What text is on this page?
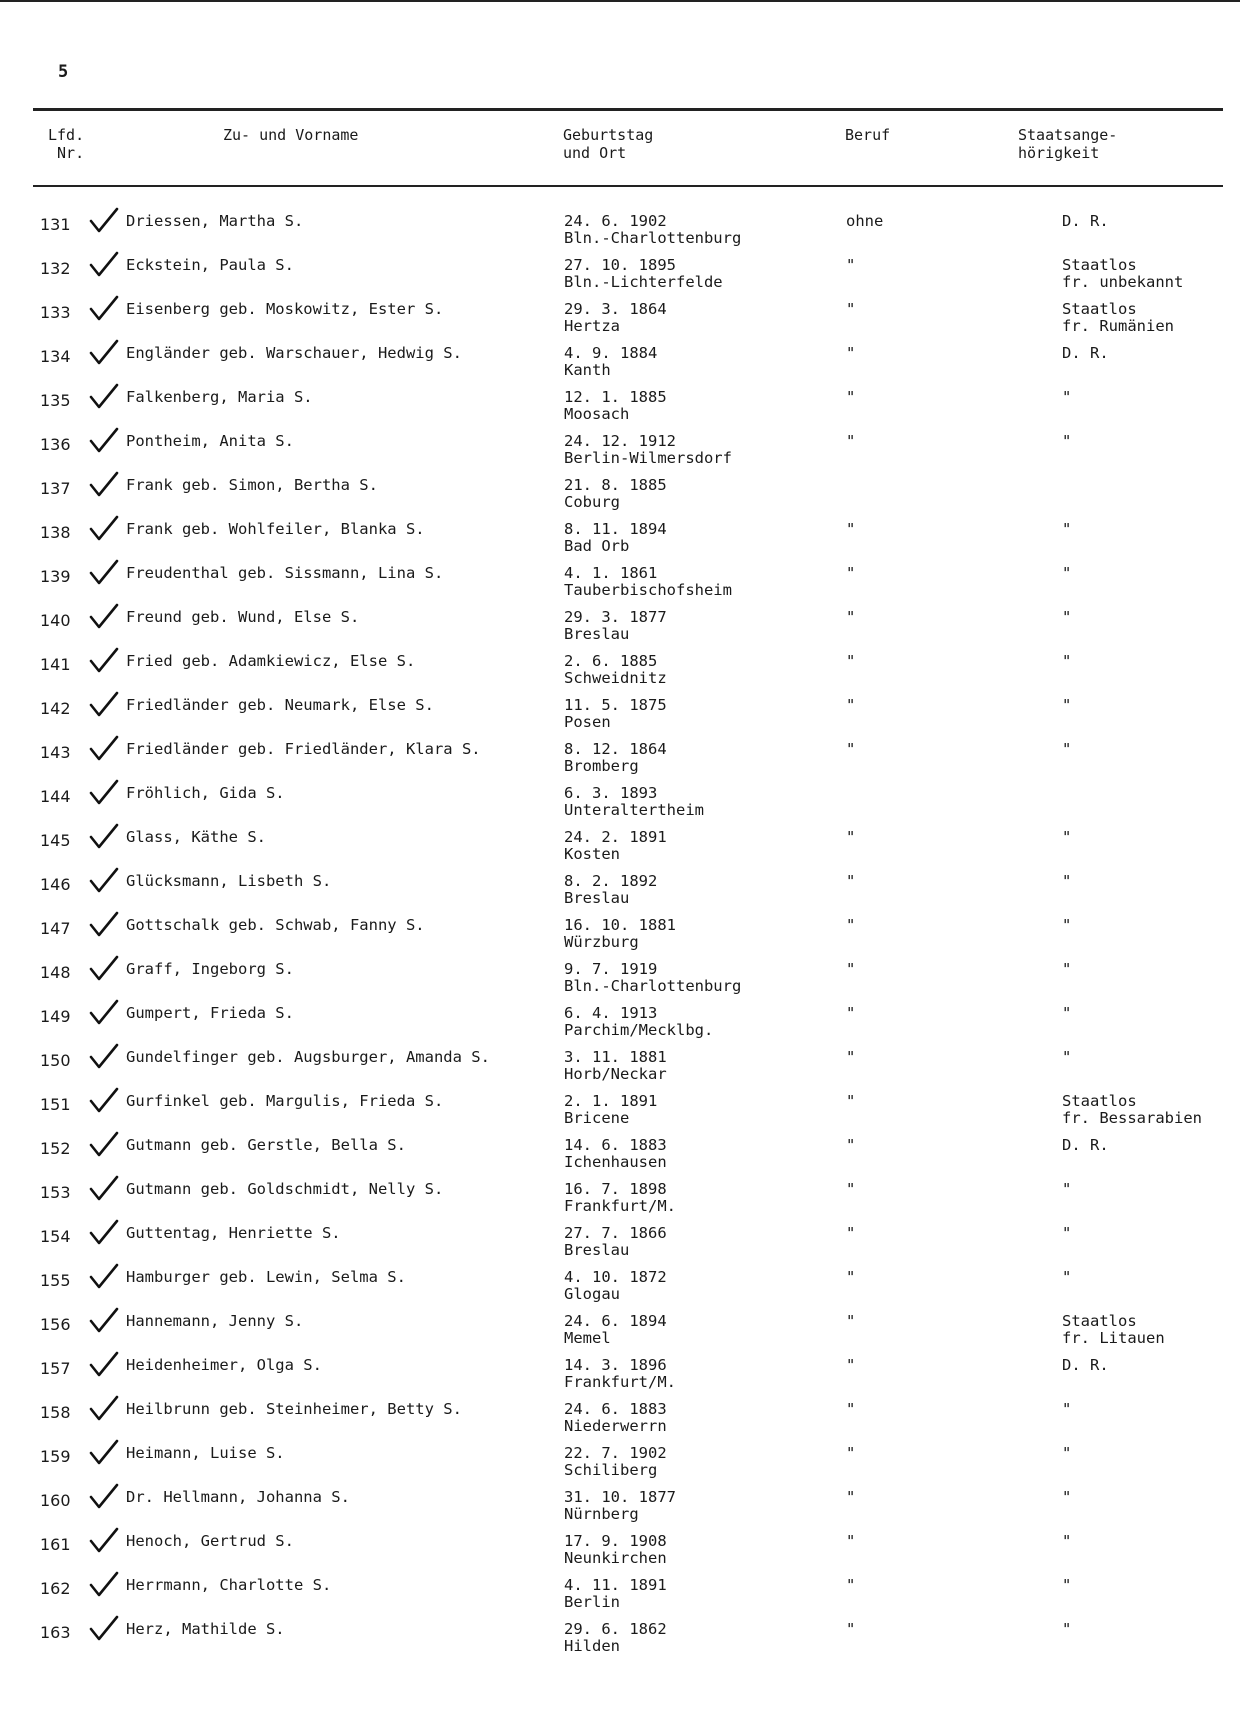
5
Lfd.
Nr.
Zu- und Vorname	Geburtstag
und Ort
Beruf	Staatsange-
hörigkeit
131	Driessen, Martha S.	24. 6. 1902
Bln.-Charlottenburg
ohne	D. R.
132	Eckstein, Paula S.	27. 10. 1895
Bln.-Lichterfelde
"	Staatlos
fr. unbekannt
133	Eisenberg geb. Moskowitz, Ester S.	29. 3. 1864
Hertza
"	Staatlos
fr. Rumänien
134	Engländer geb. Warschauer, Hedwig S.	4. 9. 1884
Kanth
"	D. R.
135	Falkenberg, Maria S.	12. 1. 1885
Moosach
"	"
136	Pontheim, Anita S.	24. 12. 1912
Berlin-Wilmersdorf
"	"
137	Frank geb. Simon, Bertha S.	21. 8. 1885
Coburg
138	Frank geb. Wohlfeiler, Blanka S.	8. 11. 1894
Bad Orb
"	"
139	Freudenthal geb. Sissmann, Lina S.	4. 1. 1861
Tauberbischofsheim
"	"
140	Freund geb. Wund, Else S.	29. 3. 1877
Breslau
"	"
141	Fried geb. Adamkiewicz, Else S.	2. 6. 1885
Schweidnitz
"	"
142	Friedländer geb. Neumark, Else S.	11. 5. 1875
Posen
"	"
143	Friedländer geb. Friedländer, Klara S.	8. 12. 1864
Bromberg
"	"
144	Fröhlich, Gida S.	6. 3. 1893
Unteraltertheim
145	Glass, Käthe S.	24. 2. 1891
Kosten
"	"
146	Glücksmann, Lisbeth S.	8. 2. 1892
Breslau
"	"
147	Gottschalk geb. Schwab, Fanny S.	16. 10. 1881
Würzburg
"	"
148	Graff, Ingeborg S.	9. 7. 1919
Bln.-Charlottenburg
"	"
149	Gumpert, Frieda S.	6. 4. 1913
Parchim/Mecklbg.
"	"
150	Gundelfinger geb. Augsburger, Amanda S.	3. 11. 1881
Horb/Neckar
"	"
151	Gurfinkel geb. Margulis, Frieda S.	2. 1. 1891
Bricene
"	Staatlos
fr. Bessarabien
152	Gutmann geb. Gerstle, Bella S.	14. 6. 1883
Ichenhausen
"	D. R.
153	Gutmann geb. Goldschmidt, Nelly S.	16. 7. 1898
Frankfurt/M.
"	"
154	Guttentag, Henriette S.	27. 7. 1866
Breslau
"	"
155	Hamburger geb. Lewin, Selma S.	4. 10. 1872
Glogau
"	"
156	Hannemann, Jenny S.	24. 6. 1894
Memel
"	Staatlos
fr. Litauen
157	Heidenheimer, Olga S.	14. 3. 1896
Frankfurt/M.
"	D. R.
158	Heilbrunn geb. Steinheimer, Betty S.	24. 6. 1883
Niederwerrn
"	"
159	Heimann, Luise S.	22. 7. 1902
Schiliberg
"	"
160	Dr. Hellmann, Johanna S.	31. 10. 1877
Nürnberg
"	"
161	Henoch, Gertrud S.	17. 9. 1908
Neunkirchen
"	"
162	Herrmann, Charlotte S.	4. 11. 1891
Berlin
"	"
163	Herz, Mathilde S.	29. 6. 1862
Hilden
"	"
